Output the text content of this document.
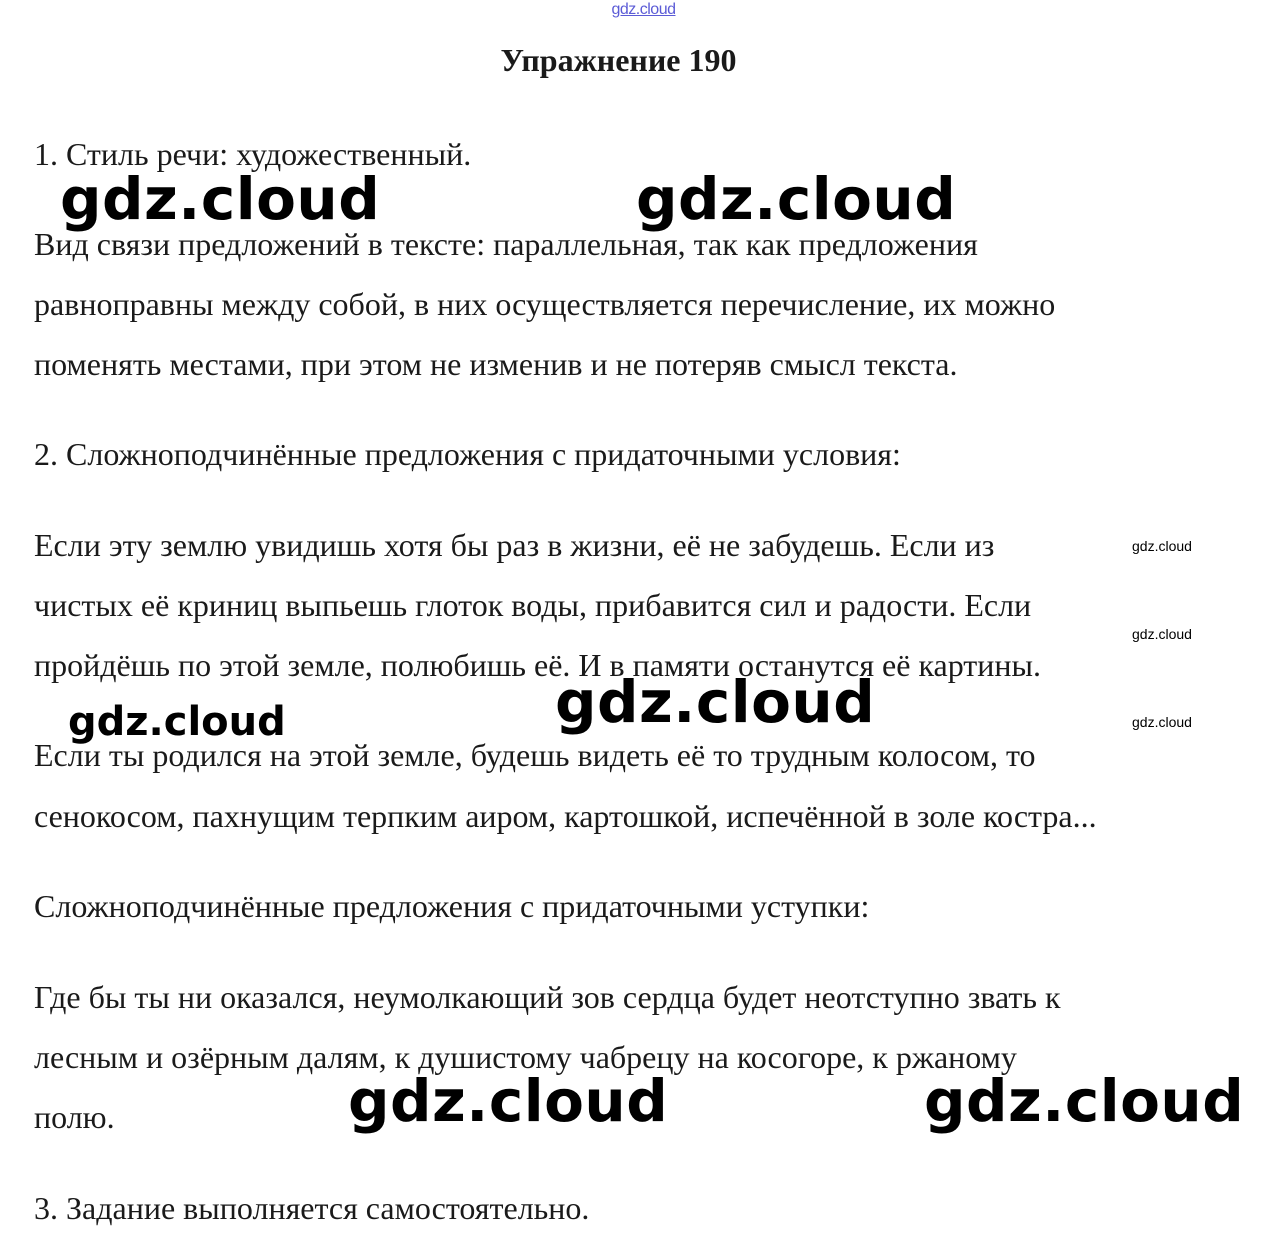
gdz.cloud
Упражнение 190
1. Стиль речи: художественный.
Вид связи предложений в тексте: параллельная, так как предложения
равноправны между собой, в них осуществляется перечисление, их можно
поменять местами, при этом не изменив и не потеряв смысл текста.
2. Сложноподчинённые предложения с придаточными условия:
Если эту землю увидишь хотя бы раз в жизни, её не забудешь. Если из
чистых её криниц выпьешь глоток воды, прибавится сил и радости. Если
пройдёшь по этой земле, полюбишь её. И в памяти останутся её картины.
Если ты родился на этой земле, будешь видеть её то трудным колосом, то
сенокосом, пахнущим терпким аиром, картошкой, испечённой в золе костра...
Сложноподчинённые предложения с придаточными уступки:
Где бы ты ни оказался, неумолкающий зов сердца будет неотступно звать к
лесным и озёрным далям, к душистому чабрецу на косогоре, к ржаному
полю.
3. Задание выполняется самостоятельно.
gdz.cloud	gdz.cloud
gdz.cloud
gdz.cloud
gdz.cloud	gdz.cloud
gdz.cloud
gdz.cloud
gdz.cloud
